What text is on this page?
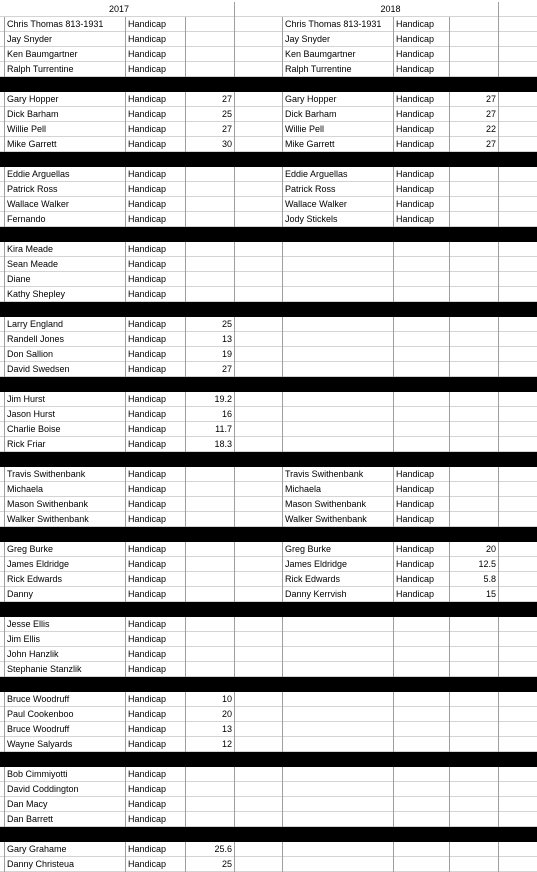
2017	2018
Chris Thomas 813-1931	Handicap	Chris Thomas 813-1931	Handicap
Jay Snyder	Handicap	Jay Snyder	Handicap
Ken Baumgartner	Handicap	Ken Baumgartner	Handicap
Ralph Turrentine	Handicap	Ralph Turrentine	Handicap
Gary Hopper	Handicap	27	Gary Hopper	Handicap	27
Dick Barham	Handicap	25	Dick Barham	Handicap	27
Willie Pell	Handicap	27	Willie Pell	Handicap	22
Mike Garrett	Handicap	30	Mike Garrett	Handicap	27
Eddie Arguellas	Handicap	Eddie Arguellas	Handicap
Patrick Ross	Handicap	Patrick Ross	Handicap
Wallace Walker	Handicap	Wallace Walker	Handicap
Fernando	Handicap	Jody Stickels	Handicap
Kira Meade	Handicap
Sean Meade	Handicap
Diane	Handicap
Kathy Shepley	Handicap
Larry England	Handicap	25
Randell Jones	Handicap	13
Don Sallion	Handicap	19
David Swedsen	Handicap	27
Jim Hurst	Handicap	19.2
Jason Hurst	Handicap	16
Charlie Boise	Handicap	11.7
Rick Friar	Handicap	18.3
Travis Swithenbank	Handicap	Travis Swithenbank	Handicap
Michaela	Handicap	Michaela	Handicap
Mason Swithenbank	Handicap	Mason Swithenbank	Handicap
Walker Swithenbank	Handicap	Walker Swithenbank	Handicap
Greg Burke	Handicap	Greg Burke	Handicap	20
James Eldridge	Handicap	James Eldridge	Handicap	12.5
Rick Edwards	Handicap	Rick Edwards	Handicap	5.8
Danny	Handicap	Danny Kerrvish	Handicap	15
Jesse Ellis	Handicap
Jim Ellis	Handicap
John Hanzlik	Handicap
Stephanie Stanzlik	Handicap
Bruce Woodruff	Handicap	10
Paul Cookenboo	Handicap	20
Bruce Woodruff	Handicap	13
Wayne Salyards	Handicap	12
Bob Cimmiyotti	Handicap
David Coddington	Handicap
Dan Macy	Handicap
Dan Barrett	Handicap
Gary Grahame	Handicap	25.6
Danny Christeua	Handicap	25
